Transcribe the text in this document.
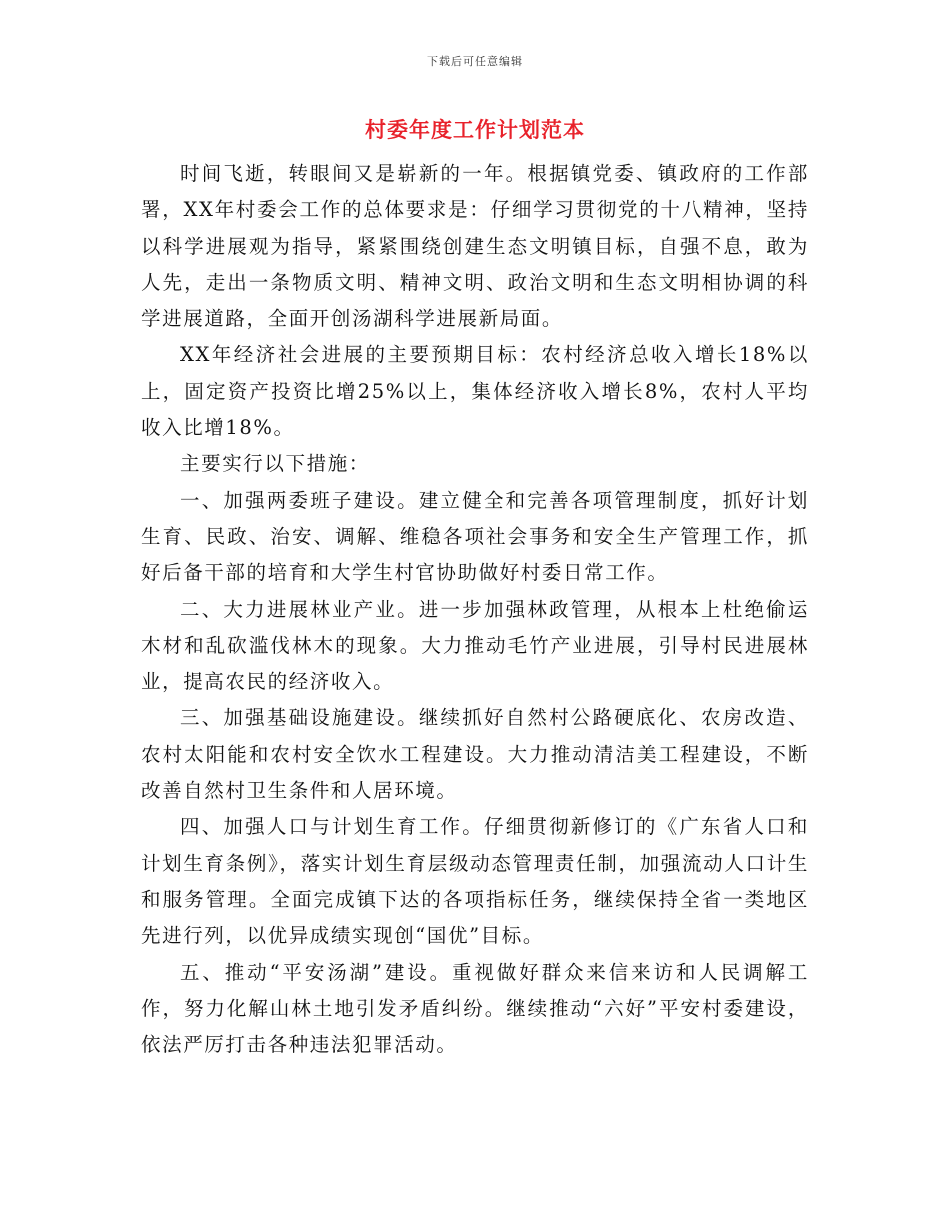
下载后可任意编辑
村委年度工作计划范本

时间飞逝，转眼间又是崭新的一年。根据镇党委、镇政府的工作部署，XX年村委会工作的总体要求是：仔细学习贯彻党的十八精神，坚持以科学进展观为指导，紧紧围绕创建生态文明镇目标，自强不息，敢为人先，走出一条物质文明、精神文明、政治文明和生态文明相协调的科学进展道路，全面开创汤湖科学进展新局面。

XX年经济社会进展的主要预期目标：农村经济总收入增长18%以上，固定资产投资比增25%以上，集体经济收入增长8%，农村人平均收入比增18%。

主要实行以下措施：

一、加强两委班子建设。建立健全和完善各项管理制度，抓好计划生育、民政、治安、调解、维稳各项社会事务和安全生产管理工作，抓好后备干部的培育和大学生村官协助做好村委日常工作。

二、大力进展林业产业。进一步加强林政管理，从根本上杜绝偷运木材和乱砍滥伐林木的现象。大力推动毛竹产业进展，引导村民进展林业，提高农民的经济收入。

三、加强基础设施建设。继续抓好自然村公路硬底化、农房改造、农村太阳能和农村安全饮水工程建设。大力推动清洁美工程建设，不断改善自然村卫生条件和人居环境。

四、加强人口与计划生育工作。仔细贯彻新修订的《广东省人口和计划生育条例》，落实计划生育层级动态管理责任制，加强流动人口计生和服务管理。全面完成镇下达的各项指标任务，继续保持全省一类地区先进行列，以优异成绩实现创“国优”目标。

五、推动“平安汤湖”建设。重视做好群众来信来访和人民调解工作，努力化解山林土地引发矛盾纠纷。继续推动“六好”平安村委建设，依法严厉打击各种违法犯罪活动。
